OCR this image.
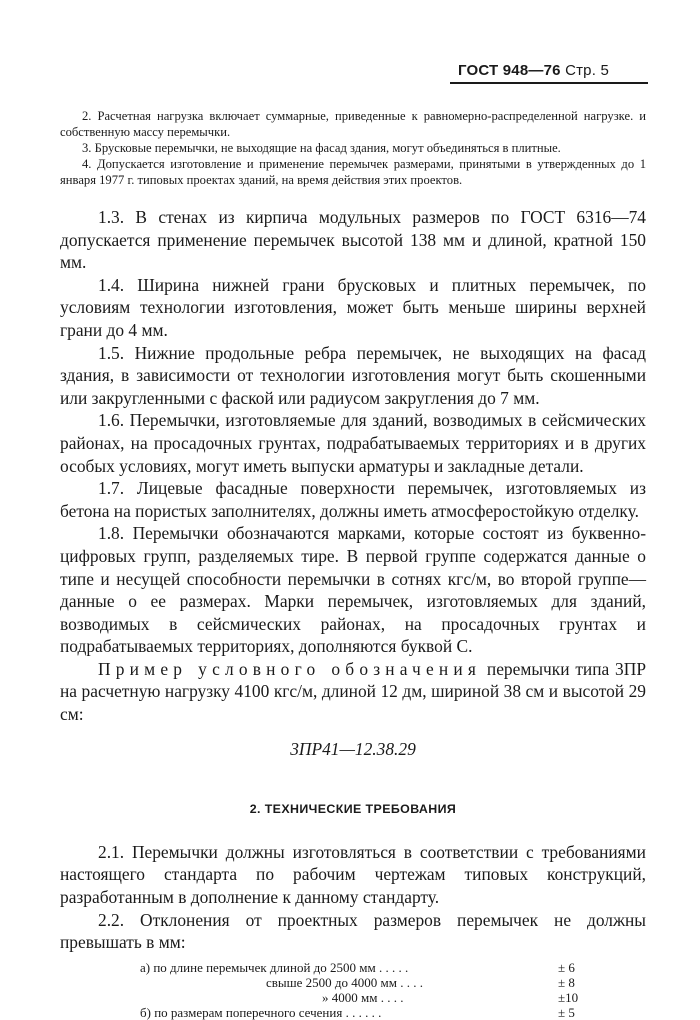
ГОСТ 948—76 Стр. 5

2. Расчетная нагрузка включает суммарные, приведенные к равномерно-распределенной нагрузке. и собственную массу перемычки.

3. Брусковые перемычки, не выходящие на фасад здания, могут объединяться в плитные.

4. Допускается изготовление и применение перемычек размерами, принятыми в утвержденных до 1 января 1977 г. типовых проектах зданий, на время действия этих проектов.

1.3. В стенах из кирпича модульных размеров по ГОСТ 6316—74 допускается применение перемычек высотой 138 мм и длиной, кратной 150 мм.

1.4. Ширина нижней грани брусковых и плитных перемычек, по условиям технологии изготовления, может быть меньше ширины верхней грани до 4 мм.

1.5. Нижние продольные ребра перемычек, не выходящих на фасад здания, в зависимости от технологии изготовления могут быть скошенными или закругленными с фаской или радиусом закругления до 7 мм.

1.6. Перемычки, изготовляемые для зданий, возводимых в сейсмических районах, на просадочных грунтах, подрабатываемых территориях и в других особых условиях, могут иметь выпуски арматуры и закладные детали.

1.7. Лицевые фасадные поверхности перемычек, изготовляемых из бетона на пористых заполнителях, должны иметь атмосферостойкую отделку.

1.8. Перемычки обозначаются марками, которые состоят из буквенно-цифровых групп, разделяемых тире. В первой группе содержатся данные о типе и несущей способности перемычки в сотнях кгс/м, во второй группе—данные о ее размерах. Марки перемычек, изготовляемых для зданий, возводимых в сейсмических районах, на просадочных грунтах и подрабатываемых территориях, дополняются буквой С.

Пример условного обозначения перемычки типа 3ПР на расчетную нагрузку 4100 кгс/м, длиной 12 дм, шириной 38 см и высотой 29 см:

3ПР41—12.38.29
2. ТЕХНИЧЕСКИЕ ТРЕБОВАНИЯ

2.1. Перемычки должны изготовляться в соответствии с требованиями настоящего стандарта по рабочим чертежам типовых конструкций, разработанным в дополнение к данному стандарту.

2.2. Отклонения от проектных размеров перемычек не должны превышать в мм:

а) по длине перемычек длиной до 2500 мм . . . . .	± 6
свыше 2500 до 4000 мм . . . .	± 8
» 4000 мм . . . .	±10
б) по размерам поперечного сечения . . . . . .	± 5
